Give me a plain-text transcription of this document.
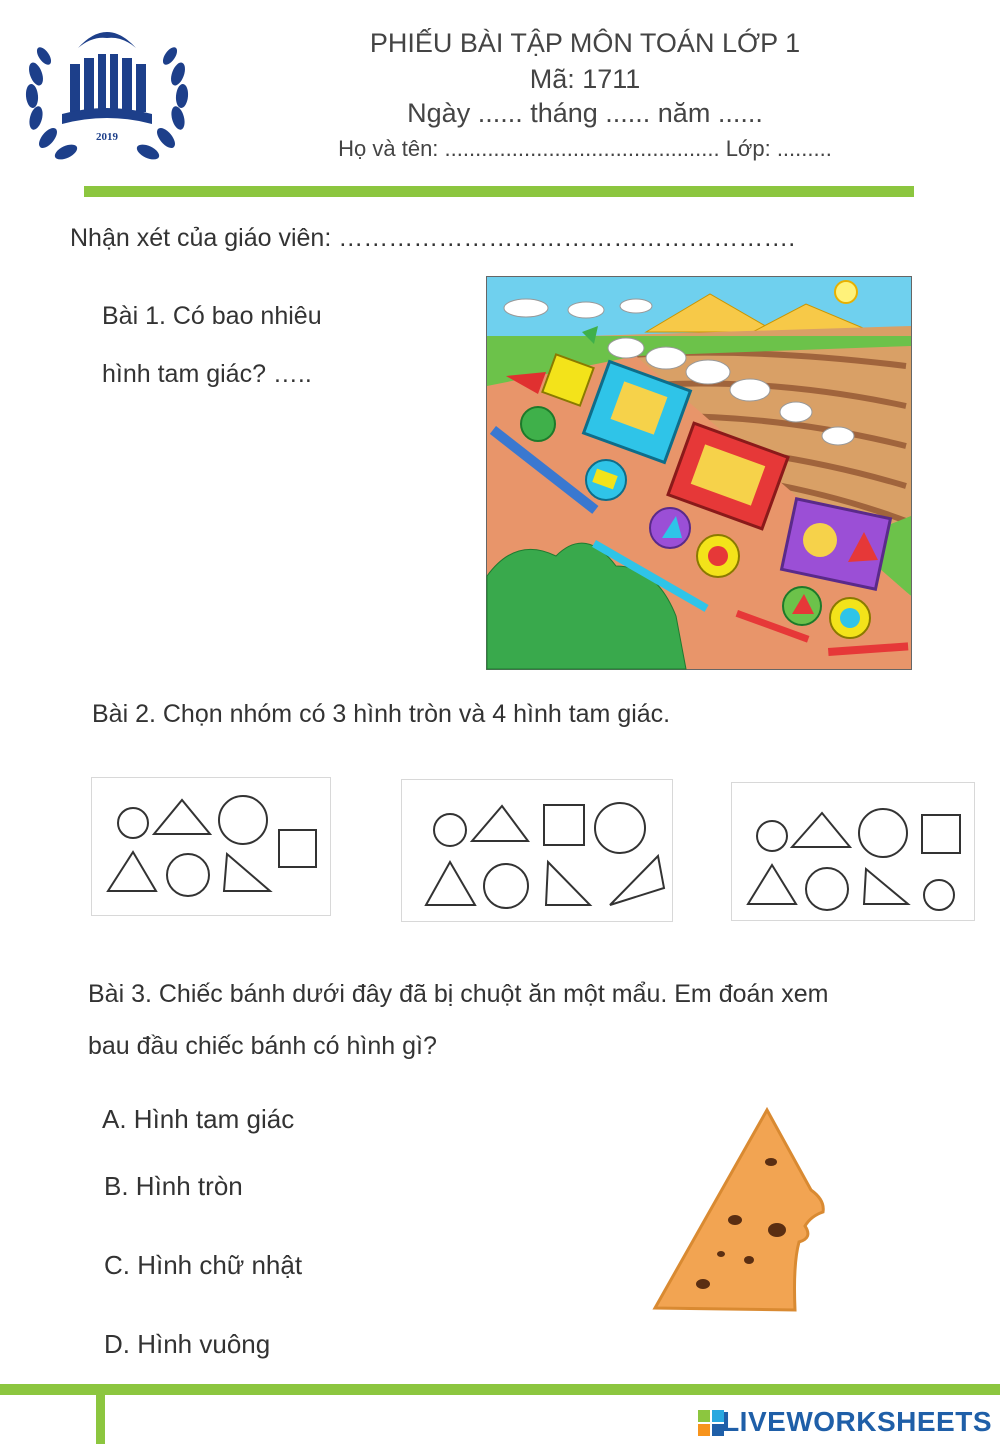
2019
PHIẾU BÀI TẬP MÔN TOÁN LỚP 1
Mã: 1711
Ngày ...... tháng ...... năm ......
Họ và tên: ............................................. Lớp: .........
Nhận xét của giáo viên: ……………………………………………….
Bài 1. Có bao nhiêu
hình tam giác? …..
Bài 2. Chọn nhóm có 3 hình tròn và 4 hình tam giác.
Bài 3. Chiếc bánh dưới đây đã bị chuột ăn một mẩu. Em đoán xem
bau đầu chiếc bánh có hình gì?
A. Hình tam giác
B. Hình tròn
C. Hình chữ nhật
D. Hình vuông
LIVEWORKSHEETS
